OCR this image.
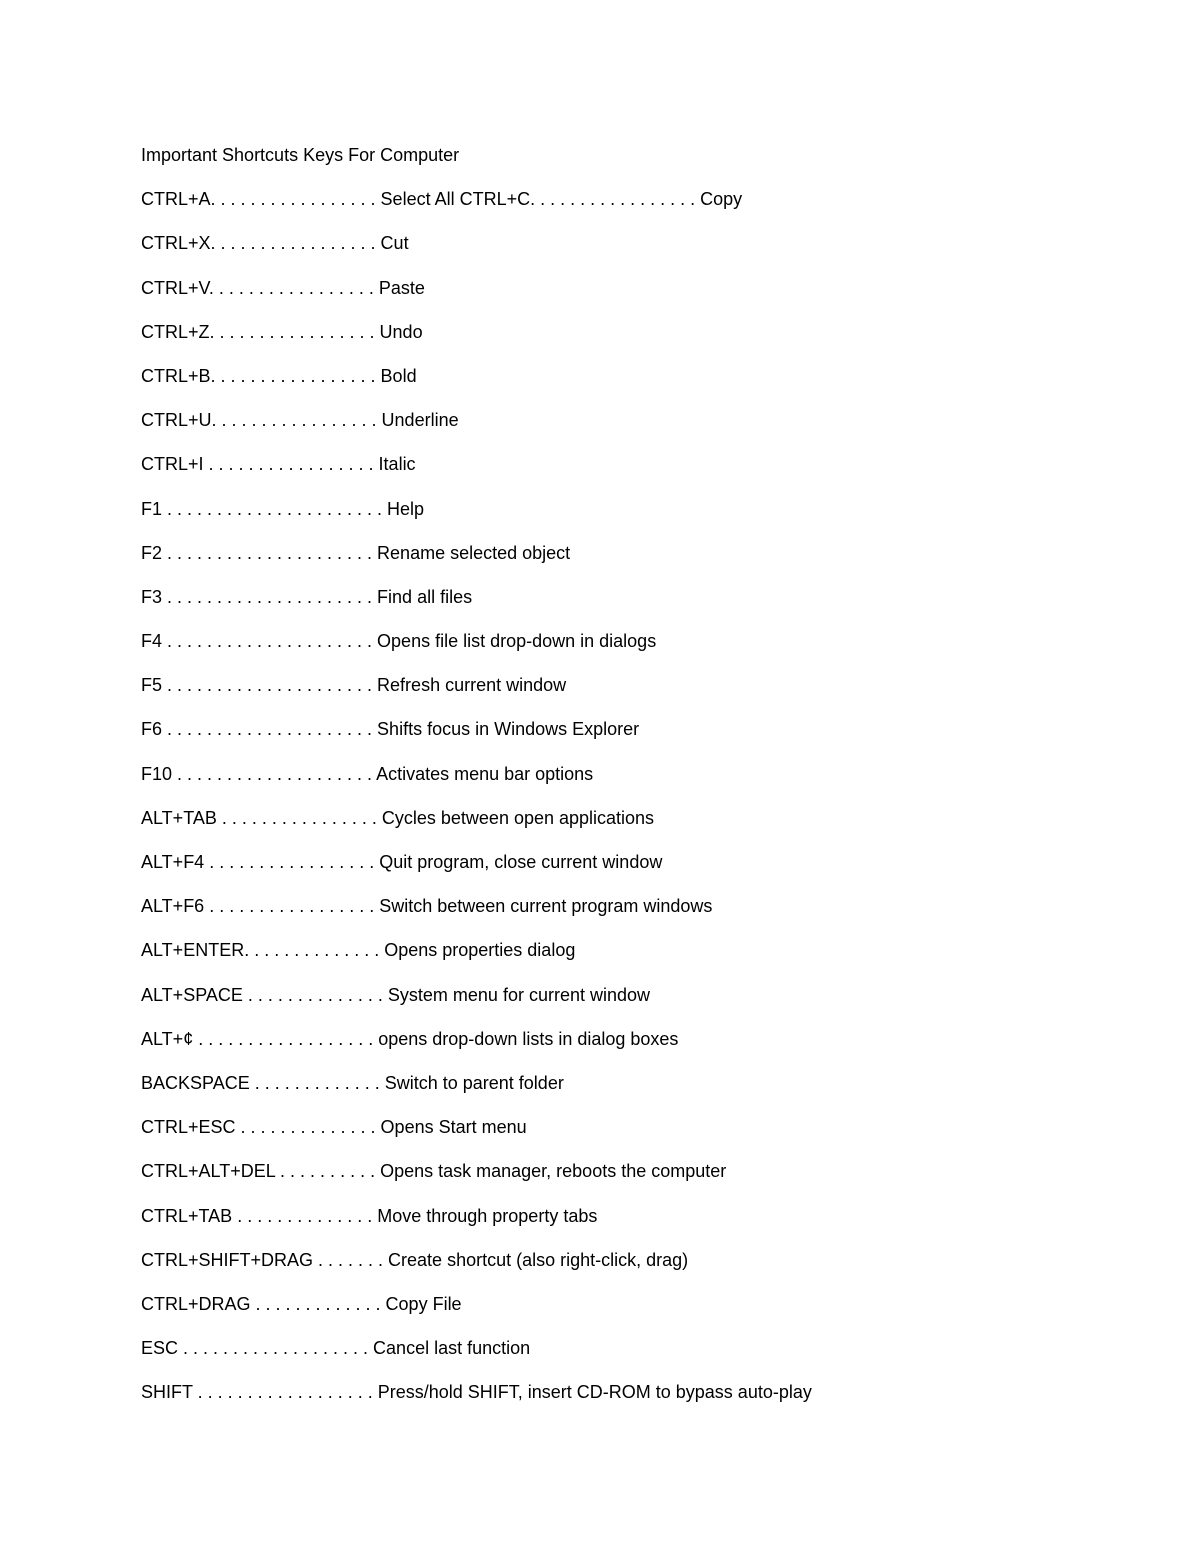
Important Shortcuts Keys For Computer
CTRL+A. . . . . . . . . . . . . . . . . Select All CTRL+C. . . . . . . . . . . . . . . . . Copy
CTRL+X. . . . . . . . . . . . . . . . . Cut
CTRL+V. . . . . . . . . . . . . . . . . Paste
CTRL+Z. . . . . . . . . . . . . . . . . Undo
CTRL+B. . . . . . . . . . . . . . . . . Bold
CTRL+U. . . . . . . . . . . . . . . . . Underline
CTRL+I . . . . . . . . . . . . . . . . . Italic
F1 . . . . . . . . . . . . . . . . . . . . . . Help
F2 . . . . . . . . . . . . . . . . . . . . . Rename selected object
F3 . . . . . . . . . . . . . . . . . . . . . Find all files
F4 . . . . . . . . . . . . . . . . . . . . . Opens file list drop-down in dialogs
F5 . . . . . . . . . . . . . . . . . . . . . Refresh current window
F6 . . . . . . . . . . . . . . . . . . . . . Shifts focus in Windows Explorer
F10 . . . . . . . . . . . . . . . . . . . . Activates menu bar options
ALT+TAB . . . . . . . . . . . . . . . . Cycles between open applications
ALT+F4 . . . . . . . . . . . . . . . . . Quit program, close current window
ALT+F6 . . . . . . . . . . . . . . . . . Switch between current program windows
ALT+ENTER. . . . . . . . . . . . . . Opens properties dialog
ALT+SPACE . . . . . . . . . . . . . . System menu for current window
ALT+¢ . . . . . . . . . . . . . . . . . . opens drop-down lists in dialog boxes
BACKSPACE . . . . . . . . . . . . . Switch to parent folder
CTRL+ESC . . . . . . . . . . . . . . Opens Start menu
CTRL+ALT+DEL . . . . . . . . . . Opens task manager, reboots the computer
CTRL+TAB . . . . . . . . . . . . . . Move through property tabs
CTRL+SHIFT+DRAG . . . . . . . Create shortcut (also right-click, drag)
CTRL+DRAG . . . . . . . . . . . . . Copy File
ESC . . . . . . . . . . . . . . . . . . . Cancel last function
SHIFT . . . . . . . . . . . . . . . . . . Press/hold SHIFT, insert CD-ROM to bypass auto-play
